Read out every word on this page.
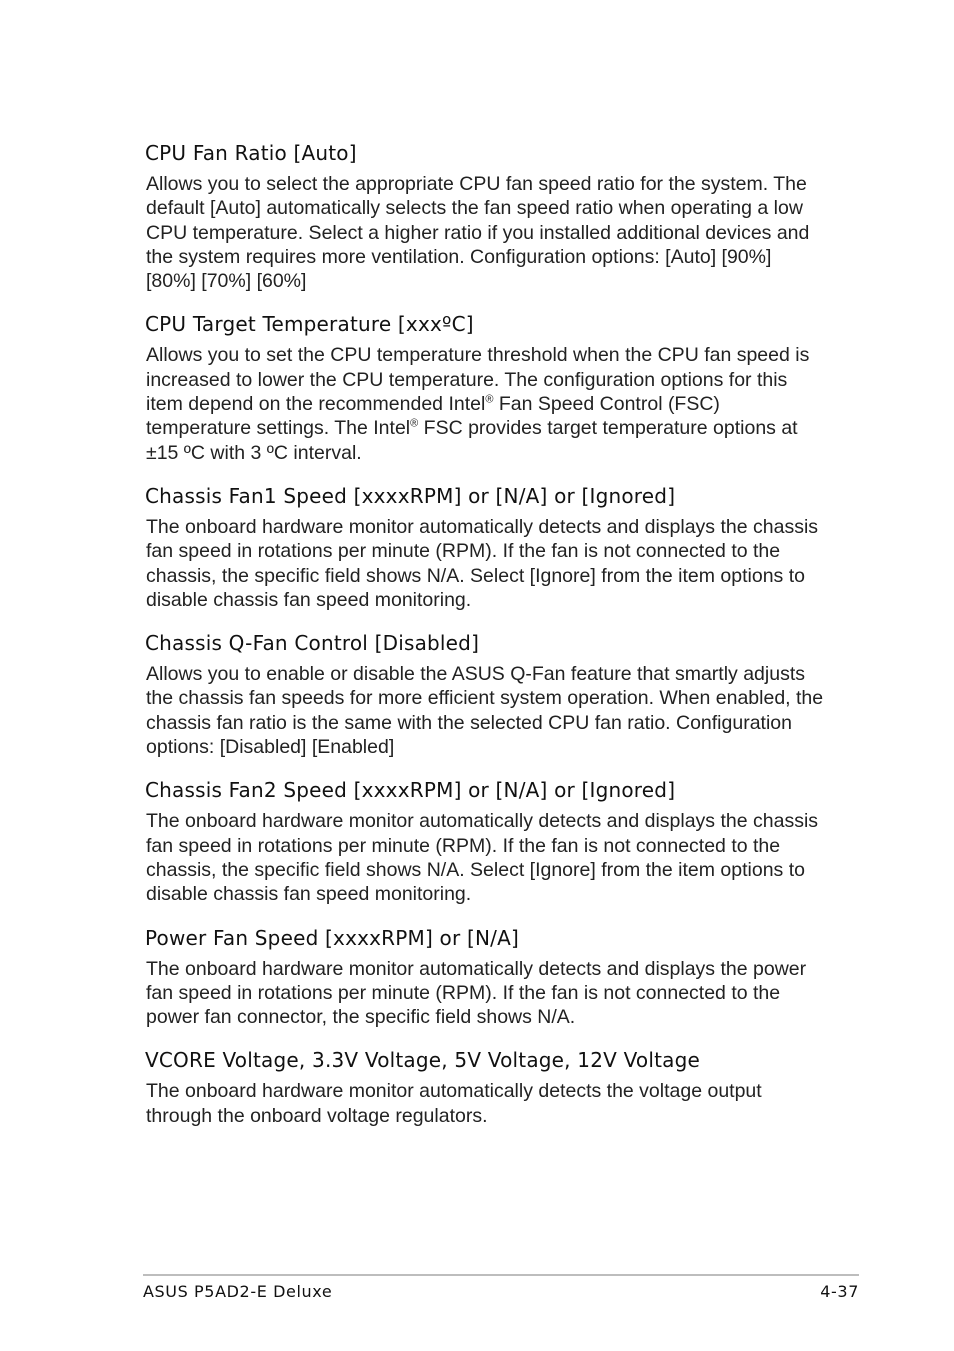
CPU Fan Ratio [Auto]

Allows you to select the appropriate CPU fan speed ratio for the system. The default [Auto] automatically selects the fan speed ratio when operating a low CPU temperature. Select a higher ratio if you installed additional devices and the system requires more ventilation. Configuration options: [Auto] [90%] [80%] [70%] [60%]

CPU Target Temperature [xxxºC]

Allows you to set the CPU temperature threshold when the CPU fan speed is increased to lower the CPU temperature. The configuration options for this item depend on the recommended Intel® Fan Speed Control (FSC) temperature settings. The Intel® FSC provides target temperature options at ±15 ºC with 3 ºC interval.

Chassis Fan1 Speed [xxxxRPM] or [N/A] or [Ignored]

The onboard hardware monitor automatically detects and displays the chassis fan speed in rotations per minute (RPM). If the fan is not connected to the chassis, the specific field shows N/A. Select [Ignore] from the item options to disable chassis fan speed monitoring.

Chassis Q-Fan Control [Disabled]

Allows you to enable or disable the ASUS Q-Fan feature that smartly adjusts the chassis fan speeds for more efficient system operation. When enabled, the chassis fan ratio is the same with the selected CPU fan ratio. Configuration options: [Disabled] [Enabled]

Chassis Fan2 Speed [xxxxRPM] or [N/A] or [Ignored]

The onboard hardware monitor automatically detects and displays the chassis fan speed in rotations per minute (RPM). If the fan is not connected to the chassis, the specific field shows N/A. Select [Ignore] from the item options to disable chassis fan speed monitoring.

Power Fan Speed [xxxxRPM] or [N/A]

The onboard hardware monitor automatically detects and displays the power fan speed in rotations per minute (RPM). If the fan is not connected to the power fan connector, the specific field shows N/A.

VCORE Voltage, 3.3V Voltage, 5V Voltage, 12V Voltage

The onboard hardware monitor automatically detects the voltage output through the onboard voltage regulators.

ASUS P5AD2-E Deluxe	4-37
